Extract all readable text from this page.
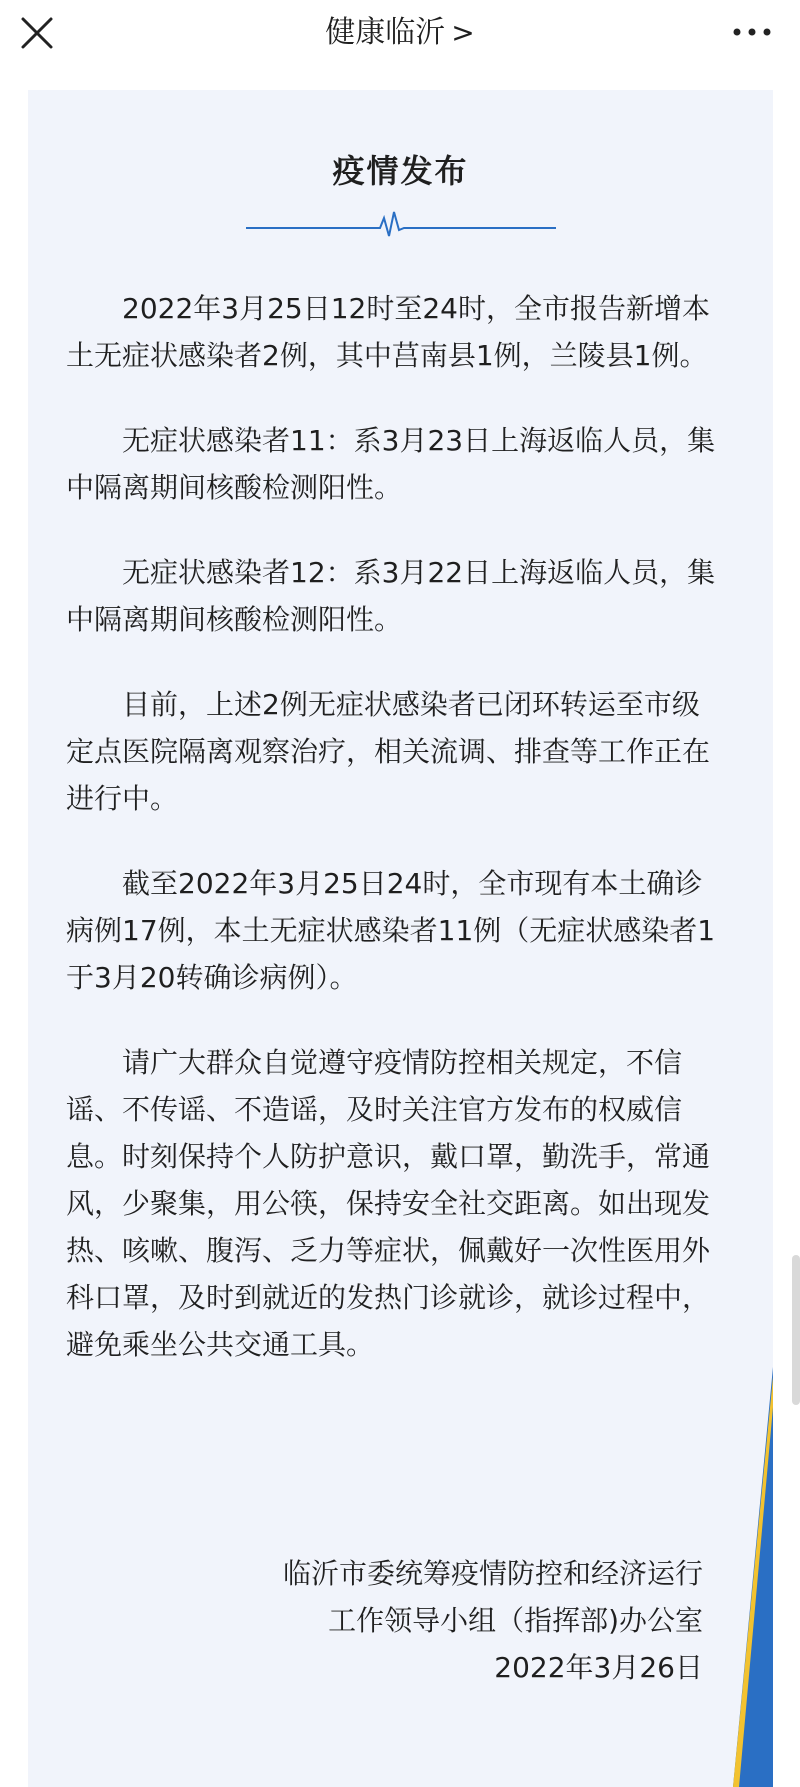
健康临沂 >
疫情发布

2022年3月25日12时至24时，全市报告新增本土无症状感染者2例，其中莒南县1例，兰陵县1例。

无症状感染者11：系3月23日上海返临人员，集中隔离期间核酸检测阳性。

无症状感染者12：系3月22日上海返临人员，集中隔离期间核酸检测阳性。

目前，上述2例无症状感染者已闭环转运至市级定点医院隔离观察治疗，相关流调、排查等工作正在进行中。

截至2022年3月25日24时，全市现有本土确诊病例17例，本土无症状感染者11例（无症状感染者1于3月20转确诊病例）。

请广大群众自觉遵守疫情防控相关规定，不信谣、不传谣、不造谣，及时关注官方发布的权威信息。时刻保持个人防护意识，戴口罩，勤洗手，常通风，少聚集，用公筷，保持安全社交距离。如出现发热、咳嗽、腹泻、乏力等症状，佩戴好一次性医用外科口罩，及时到就近的发热门诊就诊，就诊过程中，避免乘坐公共交通工具。

临沂市委统筹疫情防控和经济运行
工作领导小组（指挥部)办公室
2022年3月26日
